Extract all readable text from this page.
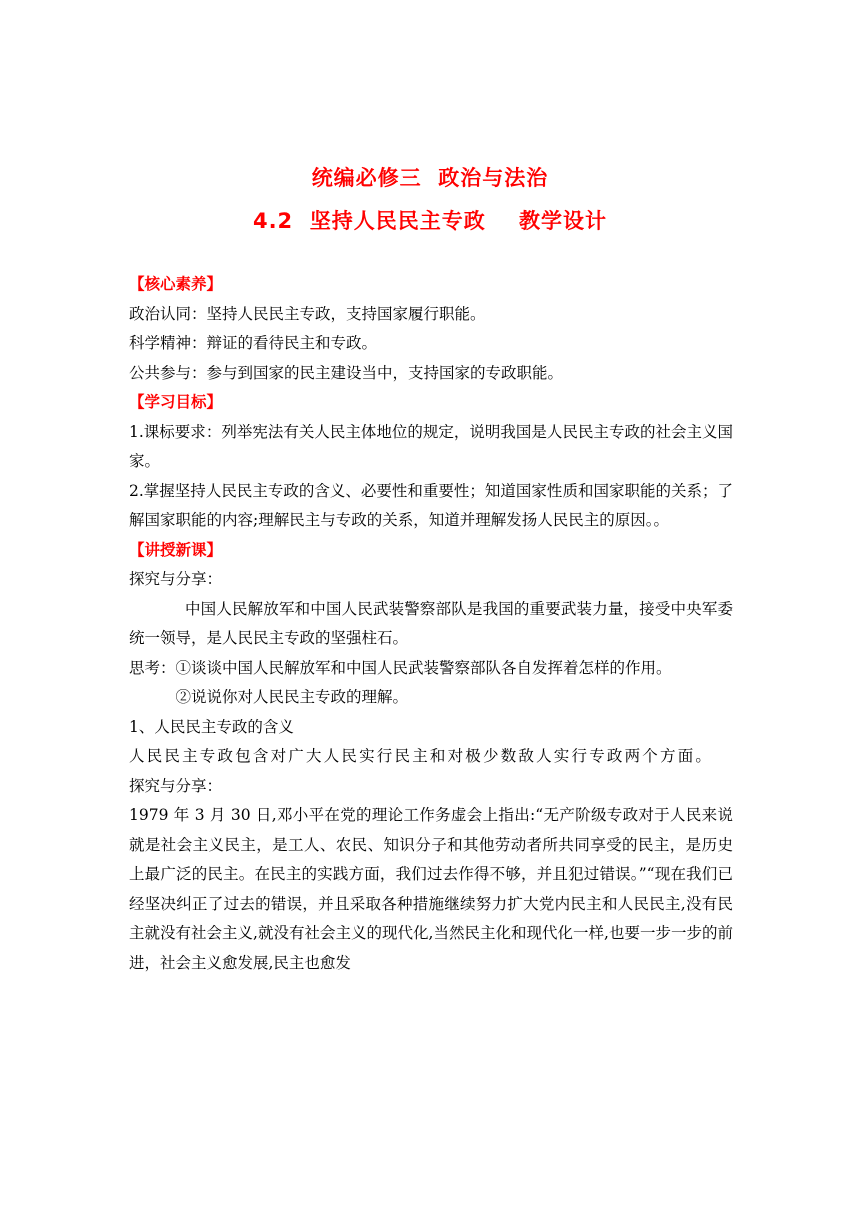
统编必修三  政治与法治
4.2  坚持人民民主专政    教学设计

【核心素养】

政治认同：坚持人民民主专政，支持国家履行职能。

科学精神：辩证的看待民主和专政。

公共参与：参与到国家的民主建设当中，支持国家的专政职能。

【学习目标】

1.课标要求：列举宪法有关人民主体地位的规定，说明我国是人民民主专政的社会主义国家。

2.掌握坚持人民民主专政的含义、必要性和重要性；知道国家性质和国家职能的关系；了解国家职能的内容;理解民主与专政的关系，知道并理解发扬人民民主的原因。。

【讲授新课】

探究与分享：

中国人民解放军和中国人民武装警察部队是我国的重要武装力量，接受中央军委统一领导，是人民民主专政的坚强柱石。

思考： ①谈谈中国人民解放军和中国人民武装警察部队各自发挥着怎样的作用。

②说说你对人民民主专政的理解。

1、人民民主专政的含义

人民民主专政包含对广大人民实行民主和对极少数敌人实行专政两个方面。

探究与分享：

1979 年 3 月 30 日,邓小平在党的理论工作务虚会上指出:“无产阶级专政对于人民来说就是社会主义民主，是工人、农民、知识分子和其他劳动者所共同享受的民主，是历史上最广泛的民主。在民主的实践方面，我们过去作得不够，并且犯过错误。”“现在我们已经坚决纠正了过去的错误，并且采取各种措施继续努力扩大党内民主和人民民主,没有民主就没有社会主义,就没有社会主义的现代化,当然民主化和现代化一样,也要一步一步的前进，社会主义愈发展,民主也愈发
